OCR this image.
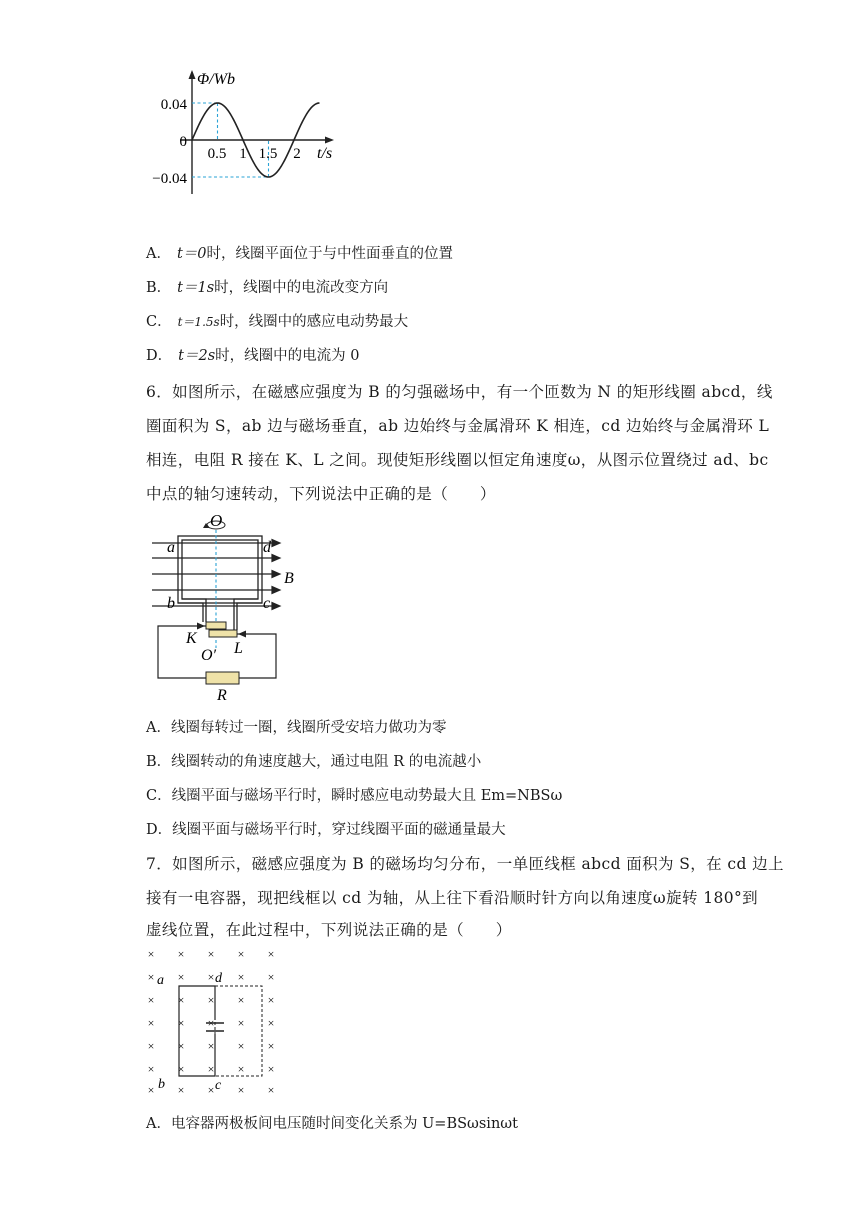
Φ/Wb
t/s
0.04
0
−0.04
0.5 1 1.5 2
A． t＝0时，线圈平面位于与中性面垂直的位置
B． t＝1s时，线圈中的电流改变方向
C． t＝1.5s时，线圈中的感应电动势最大
D． t＝2s时，线圈中的电流为 0
6．如图所示，在磁感应强度为 B 的匀强磁场中，有一个匝数为 N 的矩形线圈 abcd，线
圈面积为 S，ab 边与磁场垂直，ab 边始终与金属滑环 K 相连，cd 边始终与金属滑环 L
相连，电阻 R 接在 K、L 之间。现使矩形线圈以恒定角速度ω，从图示位置绕过 ad、bc
中点的轴匀速转动，下列说法中正确的是（　　）
O
a	d
b	c
B
K
L
O′
R
A．线圈每转过一圈，线圈所受安培力做功为零
B．线圈转动的角速度越大，通过电阻 R 的电流越小
C．线圈平面与磁场平行时，瞬时感应电动势最大且 Em=NBSω
D．线圈平面与磁场平行时，穿过线圈平面的磁通量最大
7．如图所示，磁感应强度为 B 的磁场均匀分布，一单匝线框 abcd 面积为 S，在 cd 边上
接有一电容器，现把线框以 cd 为轴，从上往下看沿顺时针方向以角速度ω旋转 180°到
虚线位置，在此过程中，下列说法正确的是（　　）
× × × × ×
× × × × ×
× × × × ×
× × × × ×
× × × × ×
× × × × ×
× × × × ×
a	d
b	c
A．电容器两极板间电压随时间变化关系为 U=BSωsinωt
